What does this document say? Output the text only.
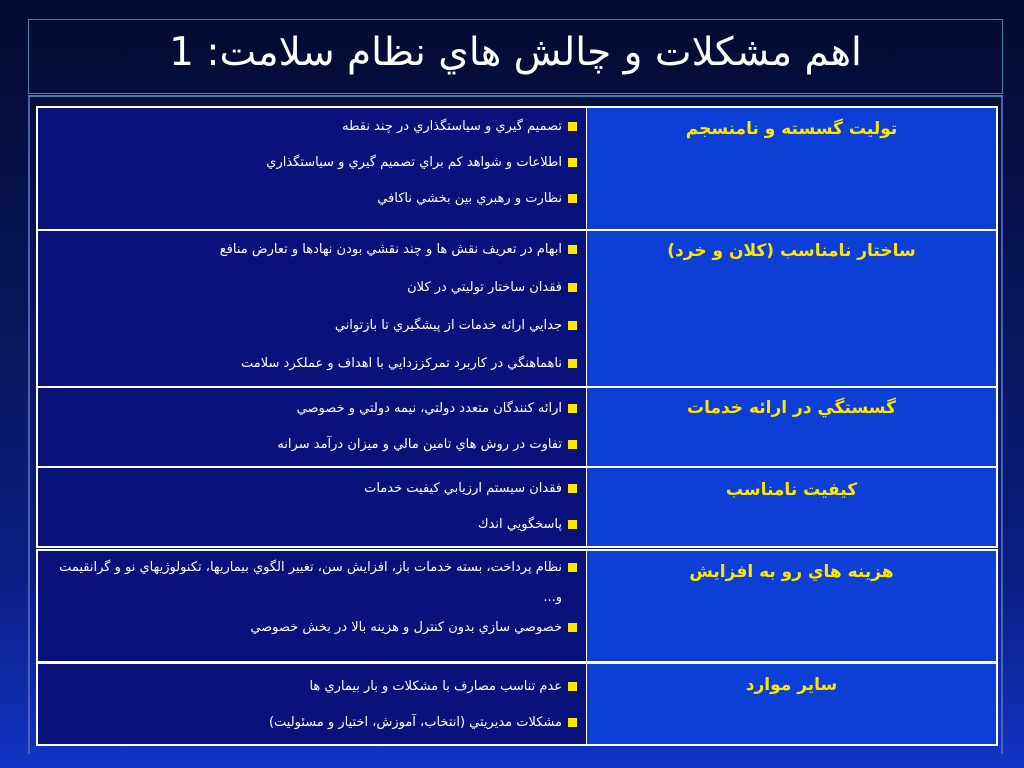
اهم مشكلات و چالش هاي نظام سلامت: 1
توليت گسسته و نامنسجم
تصميم گيري و سياستگذاري در چند نقطه
اطلاعات و شواهد كم براي تصميم گيري و سياستگذاري
نظارت و رهبري بين بخشي ناكافي
ساختار نامناسب (كلان و خرد)
ابهام در تعريف نقش ها و چند نقشي بودن نهادها و تعارض منافع
فقدان ساختار توليتي در كلان
جدايي ارائه خدمات از پيشگيري تا بازتواني
ناهماهنگي در كاربرد تمركززدايي با اهداف و عملكرد سلامت
گسستگي در ارائه خدمات
ارائه كنندگان متعدد دولتي، نيمه دولتي و خصوصي
تفاوت در روش هاي تامين مالي و ميزان درآمد سرانه
كيفيت نامناسب
فقدان سيستم ارزيابي كيفيت خدمات
پاسخگويي اندك
هزينه هاي رو به افزايش
نظام پرداخت، بسته خدمات باز، افزايش سن، تغيير الگوي بيماريها، تكنولوژيهاي نو و گرانقيمت و...
خصوصي سازي بدون كنترل و هزينه بالا در بخش خصوصي
ساير موارد
عدم تناسب مصارف با مشكلات و بار بيماري ها
مشكلات مديريتي (انتخاب، آموزش، اختيار و مسئوليت)
